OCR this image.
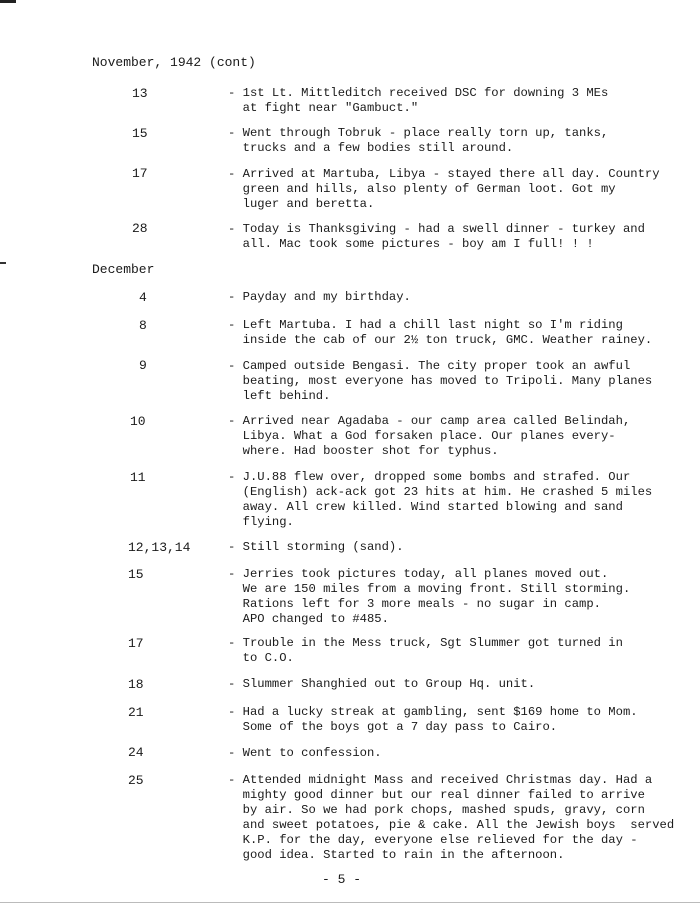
November, 1942 (cont)
December
13	- 1st Lt. Mittleditch received DSC for downing 3 MEs
at fight near "Gambuct."
15	- Went through Tobruk - place really torn up, tanks,
trucks and a few bodies still around.
17	- Arrived at Martuba, Libya - stayed there all day. Country
green and hills, also plenty of German loot. Got my
luger and beretta.
28	- Today is Thanksgiving - had a swell dinner - turkey and
all. Mac took some pictures - boy am I full! ! !
4	- Payday and my birthday.
8	- Left Martuba. I had a chill last night so I'm riding
inside the cab of our 2½ ton truck, GMC. Weather rainey.
9	- Camped outside Bengasi. The city proper took an awful
beating, most everyone has moved to Tripoli. Many planes
left behind.
10	- Arrived near Agadaba - our camp area called Belindah,
Libya. What a God forsaken place. Our planes every-
where. Had booster shot for typhus.
11	- J.U.88 flew over, dropped some bombs and strafed. Our
(English) ack-ack got 23 hits at him. He crashed 5 miles
away. All crew killed. Wind started blowing and sand
flying.
12,13,14	- Still storming (sand).
15	- Jerries took pictures today, all planes moved out.
We are 150 miles from a moving front. Still storming.
Rations left for 3 more meals - no sugar in camp.
APO changed to #485.
17	- Trouble in the Mess truck, Sgt Slummer got turned in
to C.O.
18	- Slummer Shanghied out to Group Hq. unit.
21	- Had a lucky streak at gambling, sent $169 home to Mom.
Some of the boys got a 7 day pass to Cairo.
24	- Went to confession.
25	- Attended midnight Mass and received Christmas day. Had a
mighty good dinner but our real dinner failed to arrive
by air. So we had pork chops, mashed spuds, gravy, corn
and sweet potatoes, pie & cake. All the Jewish boys  served
K.P. for the day, everyone else relieved for the day -
good idea. Started to rain in the afternoon.
- 5 -
